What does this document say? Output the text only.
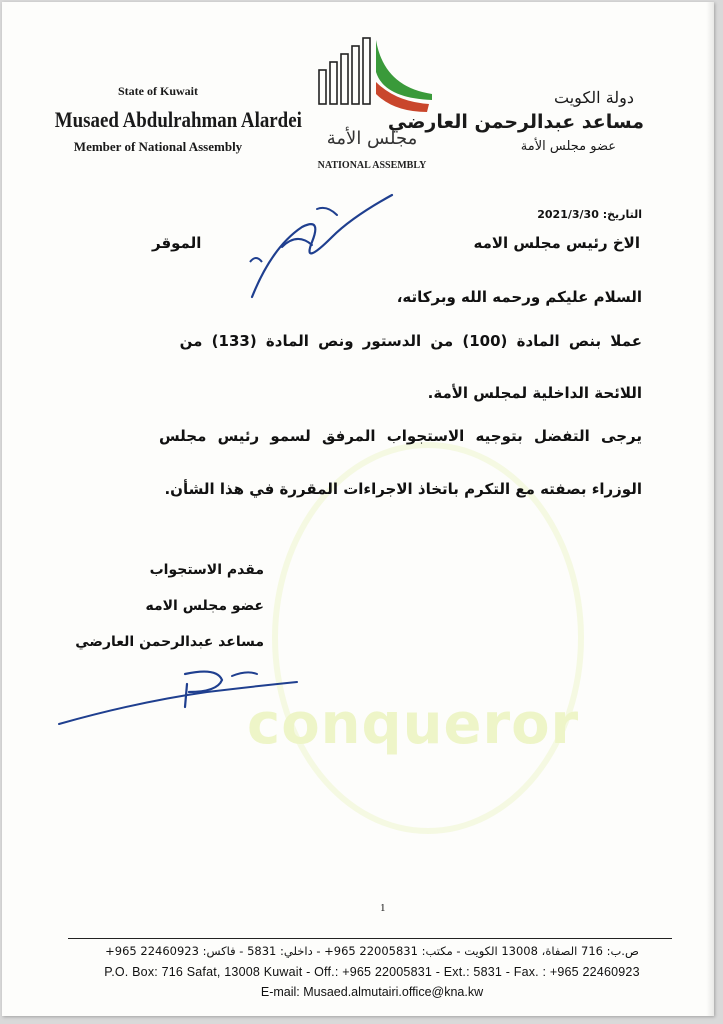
conqueror
State of Kuwait
Musaed Abdulrahman Alardei
Member of National Assembly	مجلس الأمة
NATIONAL ASSEMBLY
دولة الكويت
مساعد عبدالرحمن العارضي
عضو مجلس الأمة
التاريخ: 2021/3/30
الاخ رئيس مجلس الامه
الموقر
السلام عليكم ورحمه الله وبركاته،
عملا بنص المادة (100) من الدستور ونص المادة (133) من
اللائحة الداخلية لمجلس الأمة.
يرجى التفضل بتوجيه الاستجواب المرفق لسمو رئيس مجلس
الوزراء بصفته مع التكرم باتخاذ الاجراءات المقررة في هذا الشأن.
مقدم الاستجواب
عضو مجلس الامه
مساعد عبدالرحمن العارضي
1
ص.ب: 716 الصفاة، 13008 الكويت - مكتب: 22005831 965+ - داخلي: 5831 - فاكس: 22460923 965+
P.O. Box: 716 Safat, 13008 Kuwait - Off.: +965 22005831 - Ext.: 5831 - Fax. : +965 22460923
E-mail: Musaed.almutairi.office@kna.kw
